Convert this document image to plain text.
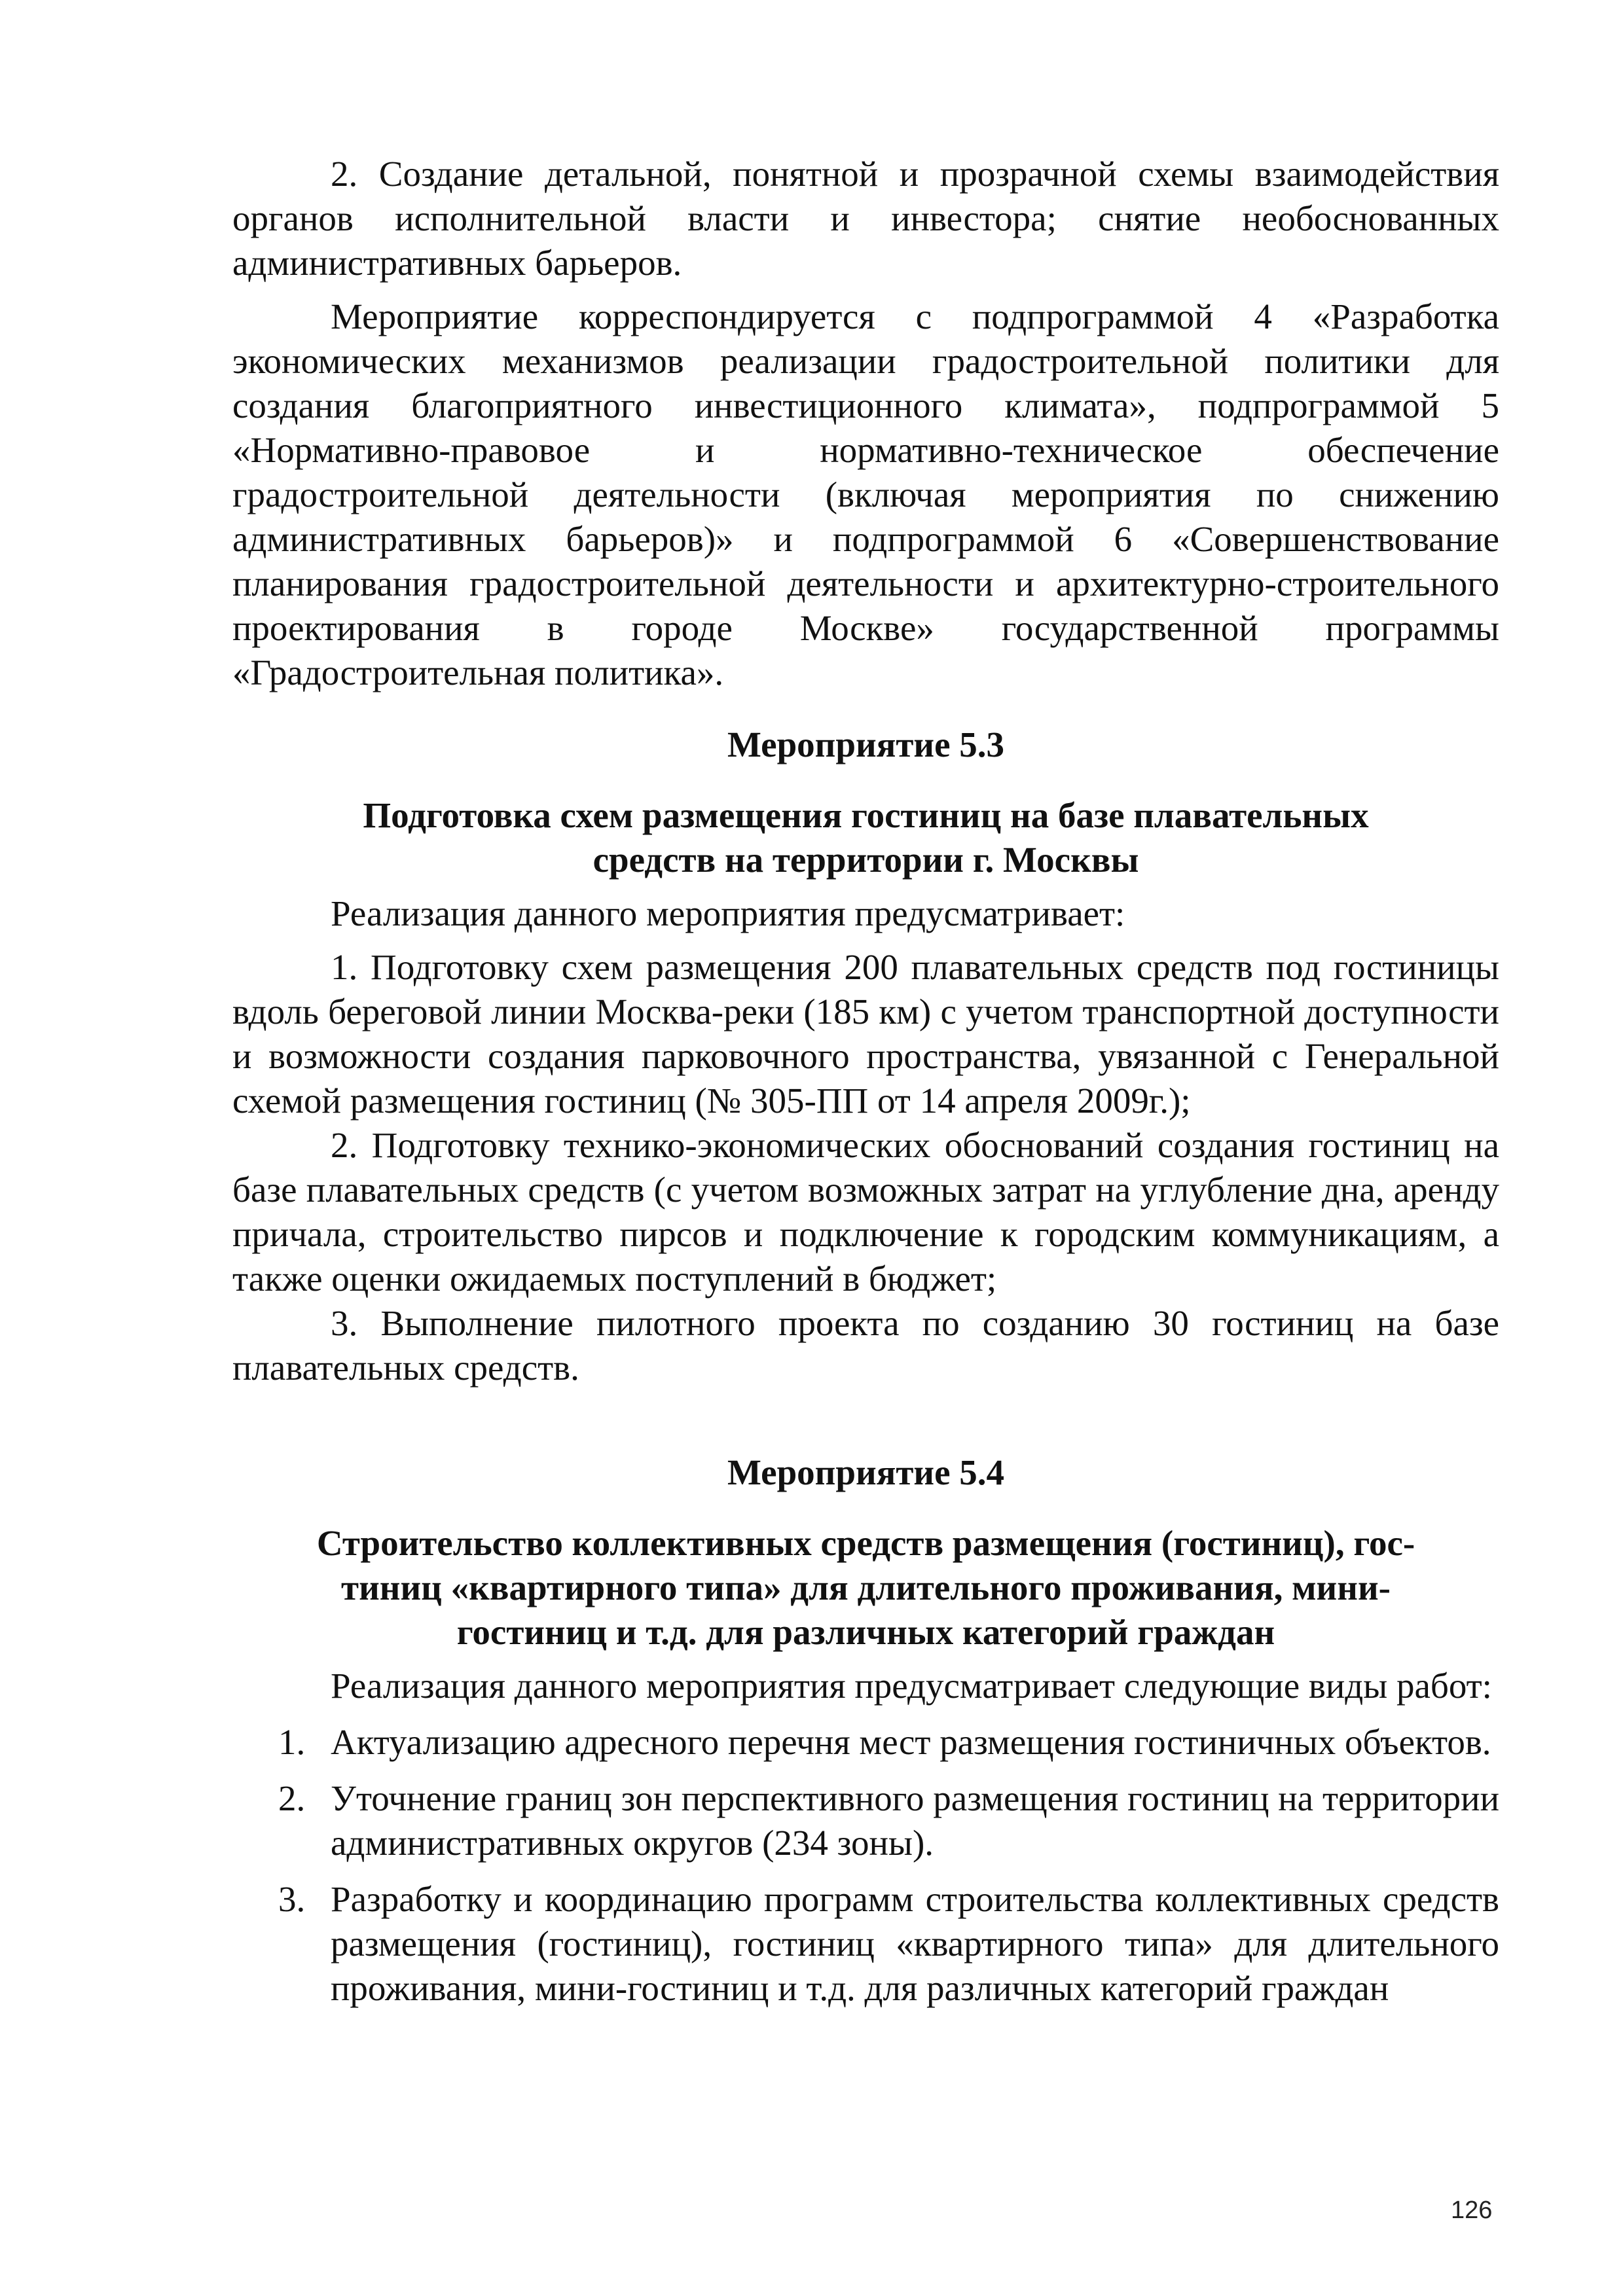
2. Создание детальной, понятной и прозрачной схемы взаимодействия органов исполнительной власти и инвестора; снятие необоснованных административных барьеров.

Мероприятие корреспондируется с подпрограммой 4 «Разработка экономических механизмов реализации градостроительной политики для создания благоприятного инвестиционного климата», подпрограммой 5 «Нормативно-правовое и нормативно-техническое обеспечение градостроительной деятельности (включая мероприятия по снижению административных барьеров)» и подпрограммой 6 «Совершенствование планирования градостроительной деятельности и архитектурно-строительного проектирования в городе Москве» государственной программы «Градостроительная политика».

Мероприятие 5.3
Подготовка схем размещения гостиниц на базе плавательных
средств на территории г. Москвы

Реализация данного мероприятия предусматривает:

1. Подготовку схем размещения 200 плавательных средств под гостиницы вдоль береговой линии Москва-реки (185 км) с учетом транспортной доступности и возможности создания парковочного пространства, увязанной с Генеральной схемой размещения гостиниц (№ 305-ПП от 14 апреля 2009г.);

2. Подготовку технико-экономических обоснований создания гостиниц на базе плавательных средств (с учетом возможных затрат на углубление дна, аренду причала, строительство пирсов и подключение к городским коммуникациям, а также оценки ожидаемых поступлений в бюджет;

3. Выполнение пилотного проекта по созданию 30 гостиниц на базе плавательных средств.

Мероприятие 5.4
Строительство коллективных средств размещения (гостиниц), гос-
тиниц «квартирного типа» для длительного проживания, мини-
гостиниц и т.д. для различных категорий граждан

Реализация данного мероприятия предусматривает следующие виды работ:

1. Актуализацию адресного перечня мест размещения гостиничных объектов.
2. Уточнение границ зон перспективного размещения гостиниц на территории административных округов (234 зоны).
3. Разработку и координацию программ строительства коллективных средств размещения (гостиниц), гостиниц «квартирного типа» для длительного проживания, мини-гостиниц и т.д. для различных категорий граждан
126
